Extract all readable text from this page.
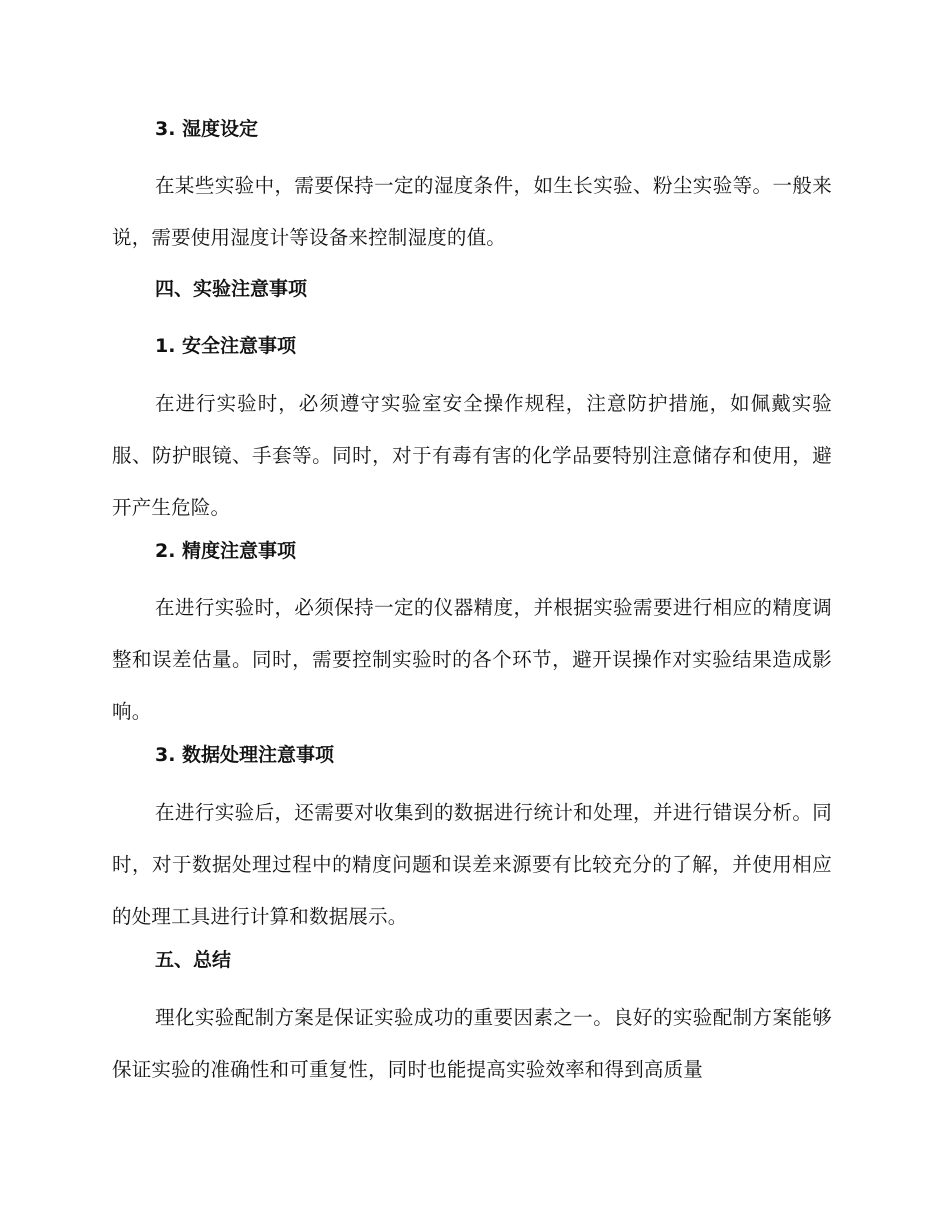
3. 湿度设定

在某些实验中，需要保持一定的湿度条件，如生长实验、粉尘实验等。一般来说，需要使用湿度计等设备来控制湿度的值。

四、实验注意事项
1. 安全注意事项

在进行实验时，必须遵守实验室安全操作规程，注意防护措施，如佩戴实验服、防护眼镜、手套等。同时，对于有毒有害的化学品要特别注意储存和使用，避开产生危险。

2. 精度注意事项

在进行实验时，必须保持一定的仪器精度，并根据实验需要进行相应的精度调整和误差估量。同时，需要控制实验时的各个环节，避开误操作对实验结果造成影响。

3. 数据处理注意事项

在进行实验后，还需要对收集到的数据进行统计和处理，并进行错误分析。同时，对于数据处理过程中的精度问题和误差来源要有比较充分的了解，并使用相应的处理工具进行计算和数据展示。

五、总结

理化实验配制方案是保证实验成功的重要因素之一。良好的实验配制方案能够保证实验的准确性和可重复性，同时也能提高实验效率和得到高质量
